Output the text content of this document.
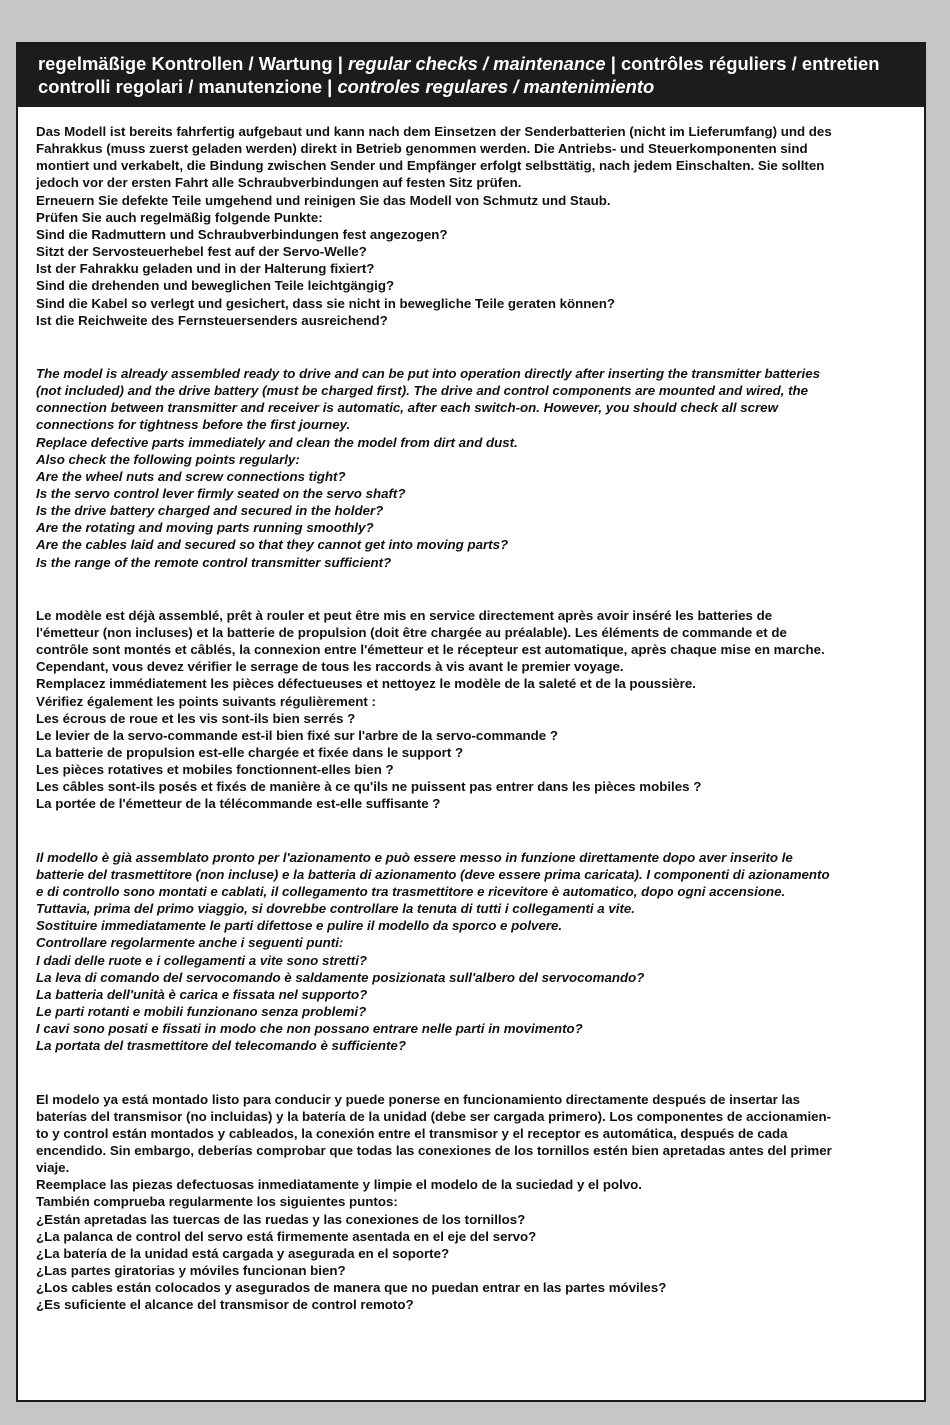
regelmäßige Kontrollen / Wartung | regular checks / maintenance | contrôles réguliers / entretien
controlli regolari / manutenzione | controles regulares / mantenimiento

Das Modell ist bereits fahrfertig aufgebaut und kann nach dem Einsetzen der Senderbatterien (nicht im Lieferumfang) und des

Fahrakkus (muss zuerst geladen werden) direkt in Betrieb genommen werden. Die Antriebs- und Steuerkomponenten sind

montiert und verkabelt, die Bindung zwischen Sender und Empfänger erfolgt selbsttätig, nach jedem Einschalten. Sie sollten

jedoch vor der ersten Fahrt alle Schraubverbindungen auf festen Sitz prüfen.

Erneuern Sie defekte Teile umgehend und reinigen Sie das Modell von Schmutz und Staub.

Prüfen Sie auch regelmäßig folgende Punkte:

Sind die Radmuttern und Schraubverbindungen fest angezogen?

Sitzt der Servosteuerhebel fest auf der Servo-Welle?

Ist der Fahrakku geladen und in der Halterung fixiert?

Sind die drehenden und beweglichen Teile leichtgängig?

Sind die Kabel so verlegt und gesichert, dass sie nicht in bewegliche Teile geraten können?

Ist die Reichweite des Fernsteuersenders ausreichend?

The model is already assembled ready to drive and can be put into operation directly after inserting the transmitter batteries

(not included) and the drive battery (must be charged first). The drive and control components are mounted and wired, the

connection between transmitter and receiver is automatic, after each switch-on. However, you should check all screw

connections for tightness before the first journey.

Replace defective parts immediately and clean the model from dirt and dust.

Also check the following points regularly:

Are the wheel nuts and screw connections tight?

Is the servo control lever firmly seated on the servo shaft?

Is the drive battery charged and secured in the holder?

Are the rotating and moving parts running smoothly?

Are the cables laid and secured so that they cannot get into moving parts?

Is the range of the remote control transmitter sufficient?

Le modèle est déjà assemblé, prêt à rouler et peut être mis en service directement après avoir inséré les batteries de

l'émetteur (non incluses) et la batterie de propulsion (doit être chargée au préalable). Les éléments de commande et de

contrôle sont montés et câblés, la connexion entre l'émetteur et le récepteur est automatique, après chaque mise en marche.

Cependant, vous devez vérifier le serrage de tous les raccords à vis avant le premier voyage.

Remplacez immédiatement les pièces défectueuses et nettoyez le modèle de la saleté et de la poussière.

Vérifiez également les points suivants régulièrement :

Les écrous de roue et les vis sont-ils bien serrés ?

Le levier de la servo-commande est-il bien fixé sur l'arbre de la servo-commande ?

La batterie de propulsion est-elle chargée et fixée dans le support ?

Les pièces rotatives et mobiles fonctionnent-elles bien ?

Les câbles sont-ils posés et fixés de manière à ce qu'ils ne puissent pas entrer dans les pièces mobiles ?

La portée de l'émetteur de la télécommande est-elle suffisante ?

Il modello è già assemblato pronto per l'azionamento e può essere messo in funzione direttamente dopo aver inserito le

batterie del trasmettitore (non incluse) e la batteria di azionamento (deve essere prima caricata). I componenti di azionamento

e di controllo sono montati e cablati, il collegamento tra trasmettitore e ricevitore è automatico, dopo ogni accensione.

Tuttavia, prima del primo viaggio, si dovrebbe controllare la tenuta di tutti i collegamenti a vite.

Sostituire immediatamente le parti difettose e pulire il modello da sporco e polvere.

Controllare regolarmente anche i seguenti punti:

I dadi delle ruote e i collegamenti a vite sono stretti?

La leva di comando del servocomando è saldamente posizionata sull'albero del servocomando?

La batteria dell'unità è carica e fissata nel supporto?

Le parti rotanti e mobili funzionano senza problemi?

I cavi sono posati e fissati in modo che non possano entrare nelle parti in movimento?

La portata del trasmettitore del telecomando è sufficiente?

El modelo ya está montado listo para conducir y puede ponerse en funcionamiento directamente después de insertar las

baterías del transmisor (no incluidas) y la batería de la unidad (debe ser cargada primero). Los componentes de accionamien-

to y control están montados y cableados, la conexión entre el transmisor y el receptor es automática, después de cada

encendido. Sin embargo, deberías comprobar que todas las conexiones de los tornillos estén bien apretadas antes del primer

viaje.

Reemplace las piezas defectuosas inmediatamente y limpie el modelo de la suciedad y el polvo.

También comprueba regularmente los siguientes puntos:

¿Están apretadas las tuercas de las ruedas y las conexiones de los tornillos?

¿La palanca de control del servo está firmemente asentada en el eje del servo?

¿La batería de la unidad está cargada y asegurada en el soporte?

¿Las partes giratorias y móviles funcionan bien?

¿Los cables están colocados y asegurados de manera que no puedan entrar en las partes móviles?

¿Es suficiente el alcance del transmisor de control remoto?
